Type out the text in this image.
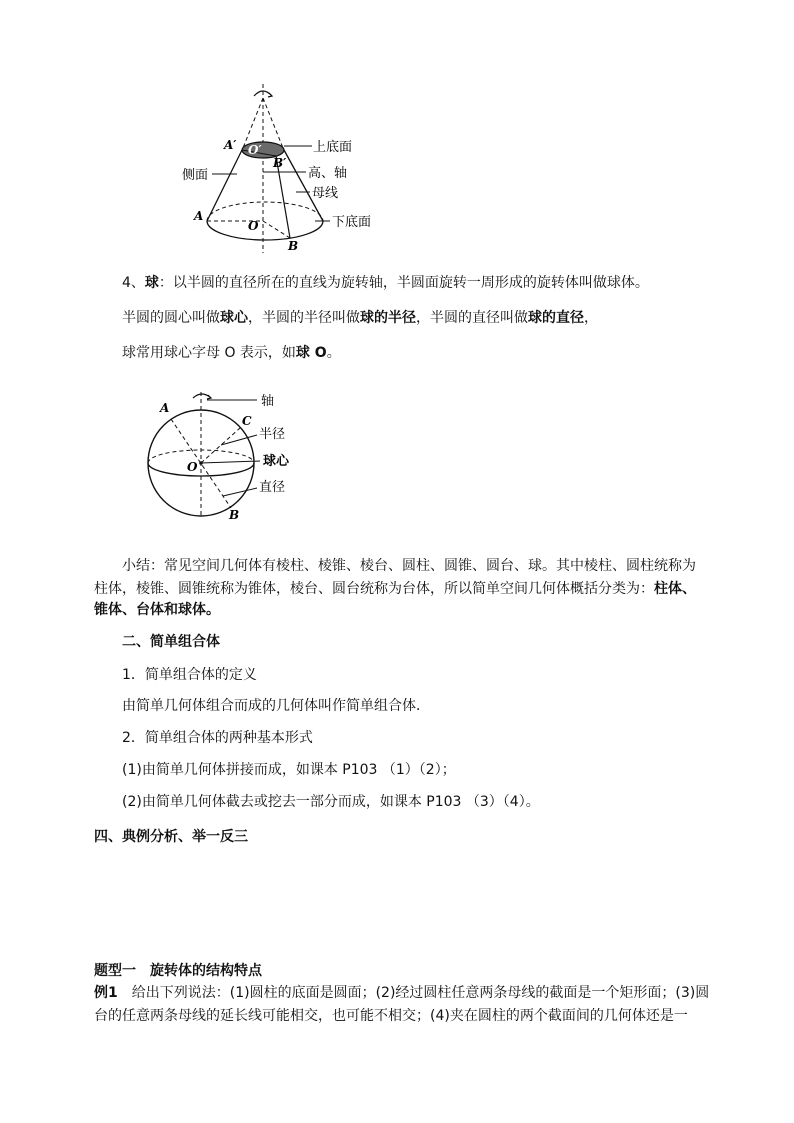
A′ O′
B′
A
O
B
上底面
高、轴
侧面
母线
下底面
4、球：以半圆的直径所在的直线为旋转轴，半圆面旋转一周形成的旋转体叫做球体。
半圆的圆心叫做球心，半圆的半径叫做球的半径，半圆的直径叫做球的直径，
球常用球心字母 O 表示，如球 O。
A
C
O
B
轴
半径
球心
直径
小结：常见空间几何体有棱柱、棱锥、棱台、圆柱、圆锥、圆台、球。其中棱柱、圆柱统称为
柱体，棱锥、圆锥统称为锥体，棱台、圆台统称为台体，所以简单空间几何体概括分类为：柱体、
锥体、台体和球体。
二、简单组合体
1．简单组合体的定义
由简单几何体组合而成的几何体叫作简单组合体．
2．简单组合体的两种基本形式
(1)由简单几何体拼接而成，如课本 P103 （1）（2）；
(2)由简单几何体截去或挖去一部分而成，如课本 P103 （3）（4）。
四、典例分析、举一反三
题型一　旋转体的结构特点
例1　给出下列说法：(1)圆柱的底面是圆面；(2)经过圆柱任意两条母线的截面是一个矩形面；(3)圆
台的任意两条母线的延长线可能相交，也可能不相交；(4)夹在圆柱的两个截面间的几何体还是一
